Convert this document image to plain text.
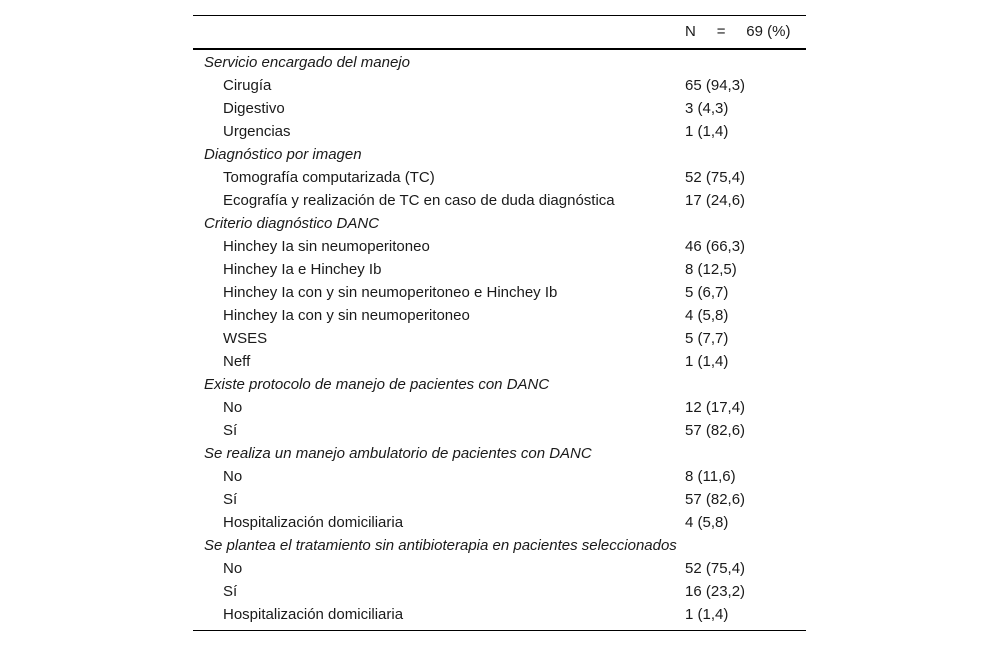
N = 69 (%)
Servicio encargado del manejo
Cirugía	65 (94,3)
Digestivo	3 (4,3)
Urgencias	1 (1,4)
Diagnóstico por imagen
Tomografía computarizada (TC)	52 (75,4)
Ecografía y realización de TC en caso de duda diagnóstica	17 (24,6)
Criterio diagnóstico DANC
Hinchey Ia sin neumoperitoneo	46 (66,3)
Hinchey Ia e Hinchey Ib	8 (12,5)
Hinchey Ia con y sin neumoperitoneo e Hinchey Ib	5 (6,7)
Hinchey Ia con y sin neumoperitoneo	4 (5,8)
WSES	5 (7,7)
Neff	1 (1,4)
Existe protocolo de manejo de pacientes con DANC
No	12 (17,4)
Sí	57 (82,6)
Se realiza un manejo ambulatorio de pacientes con DANC
No	8 (11,6)
Sí	57 (82,6)
Hospitalización domiciliaria	4 (5,8)
Se plantea el tratamiento sin antibioterapia en pacientes seleccionados
No	52 (75,4)
Sí	16 (23,2)
Hospitalización domiciliaria	1 (1,4)
